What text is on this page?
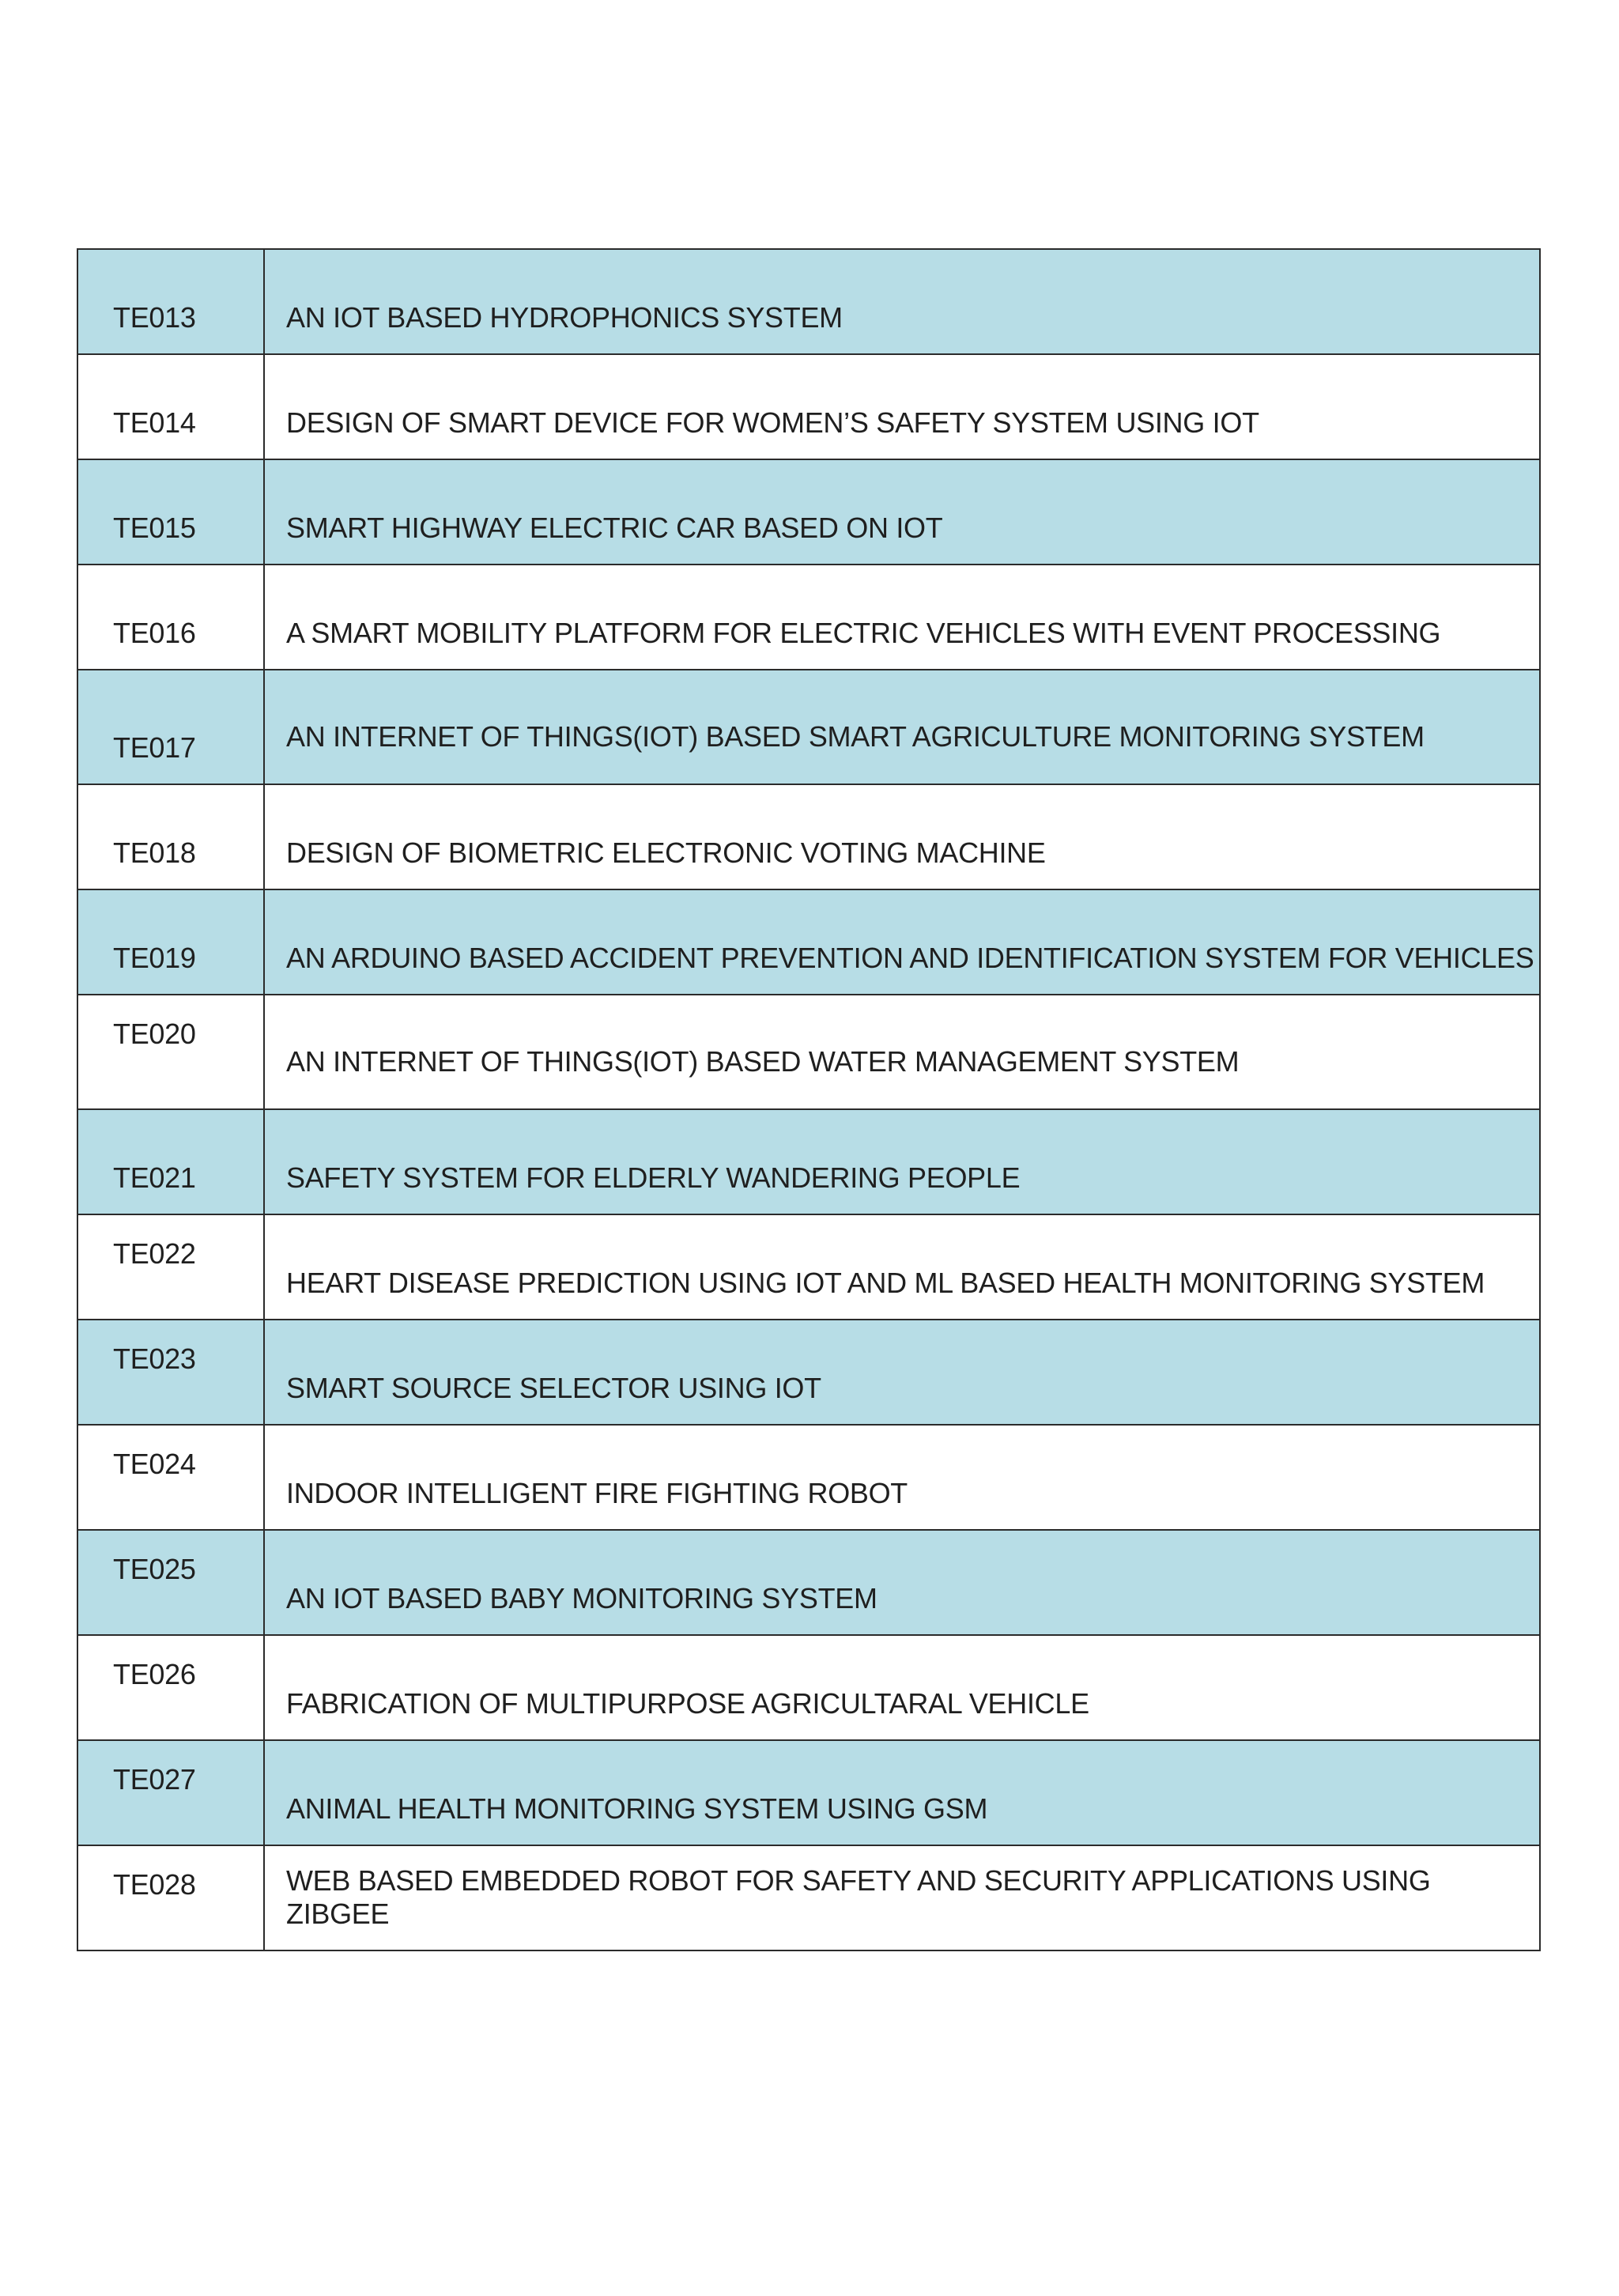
TE013	AN IOT BASED HYDROPHONICS SYSTEM
TE014	DESIGN OF SMART DEVICE FOR WOMEN’S SAFETY SYSTEM USING IOT
TE015	SMART HIGHWAY ELECTRIC CAR BASED ON IOT
TE016	A SMART MOBILITY PLATFORM FOR ELECTRIC VEHICLES WITH EVENT PROCESSING
TE017	AN INTERNET OF THINGS(IOT) BASED SMART AGRICULTURE MONITORING SYSTEM
TE018	DESIGN OF BIOMETRIC ELECTRONIC VOTING MACHINE
TE019	AN ARDUINO BASED ACCIDENT PREVENTION AND IDENTIFICATION SYSTEM FOR VEHICLES
TE020	AN INTERNET OF THINGS(IOT) BASED WATER MANAGEMENT SYSTEM
TE021	SAFETY SYSTEM FOR ELDERLY WANDERING PEOPLE
TE022	HEART DISEASE PREDICTION USING IOT AND ML BASED HEALTH MONITORING SYSTEM
TE023	SMART SOURCE SELECTOR USING IOT
TE024	INDOOR INTELLIGENT FIRE FIGHTING ROBOT
TE025	AN IOT BASED BABY MONITORING SYSTEM
TE026	FABRICATION OF MULTIPURPOSE AGRICULTARAL VEHICLE
TE027	ANIMAL HEALTH MONITORING SYSTEM USING GSM
TE028	WEB BASED EMBEDDED ROBOT FOR SAFETY AND SECURITY APPLICATIONS USING ZIBGEE
